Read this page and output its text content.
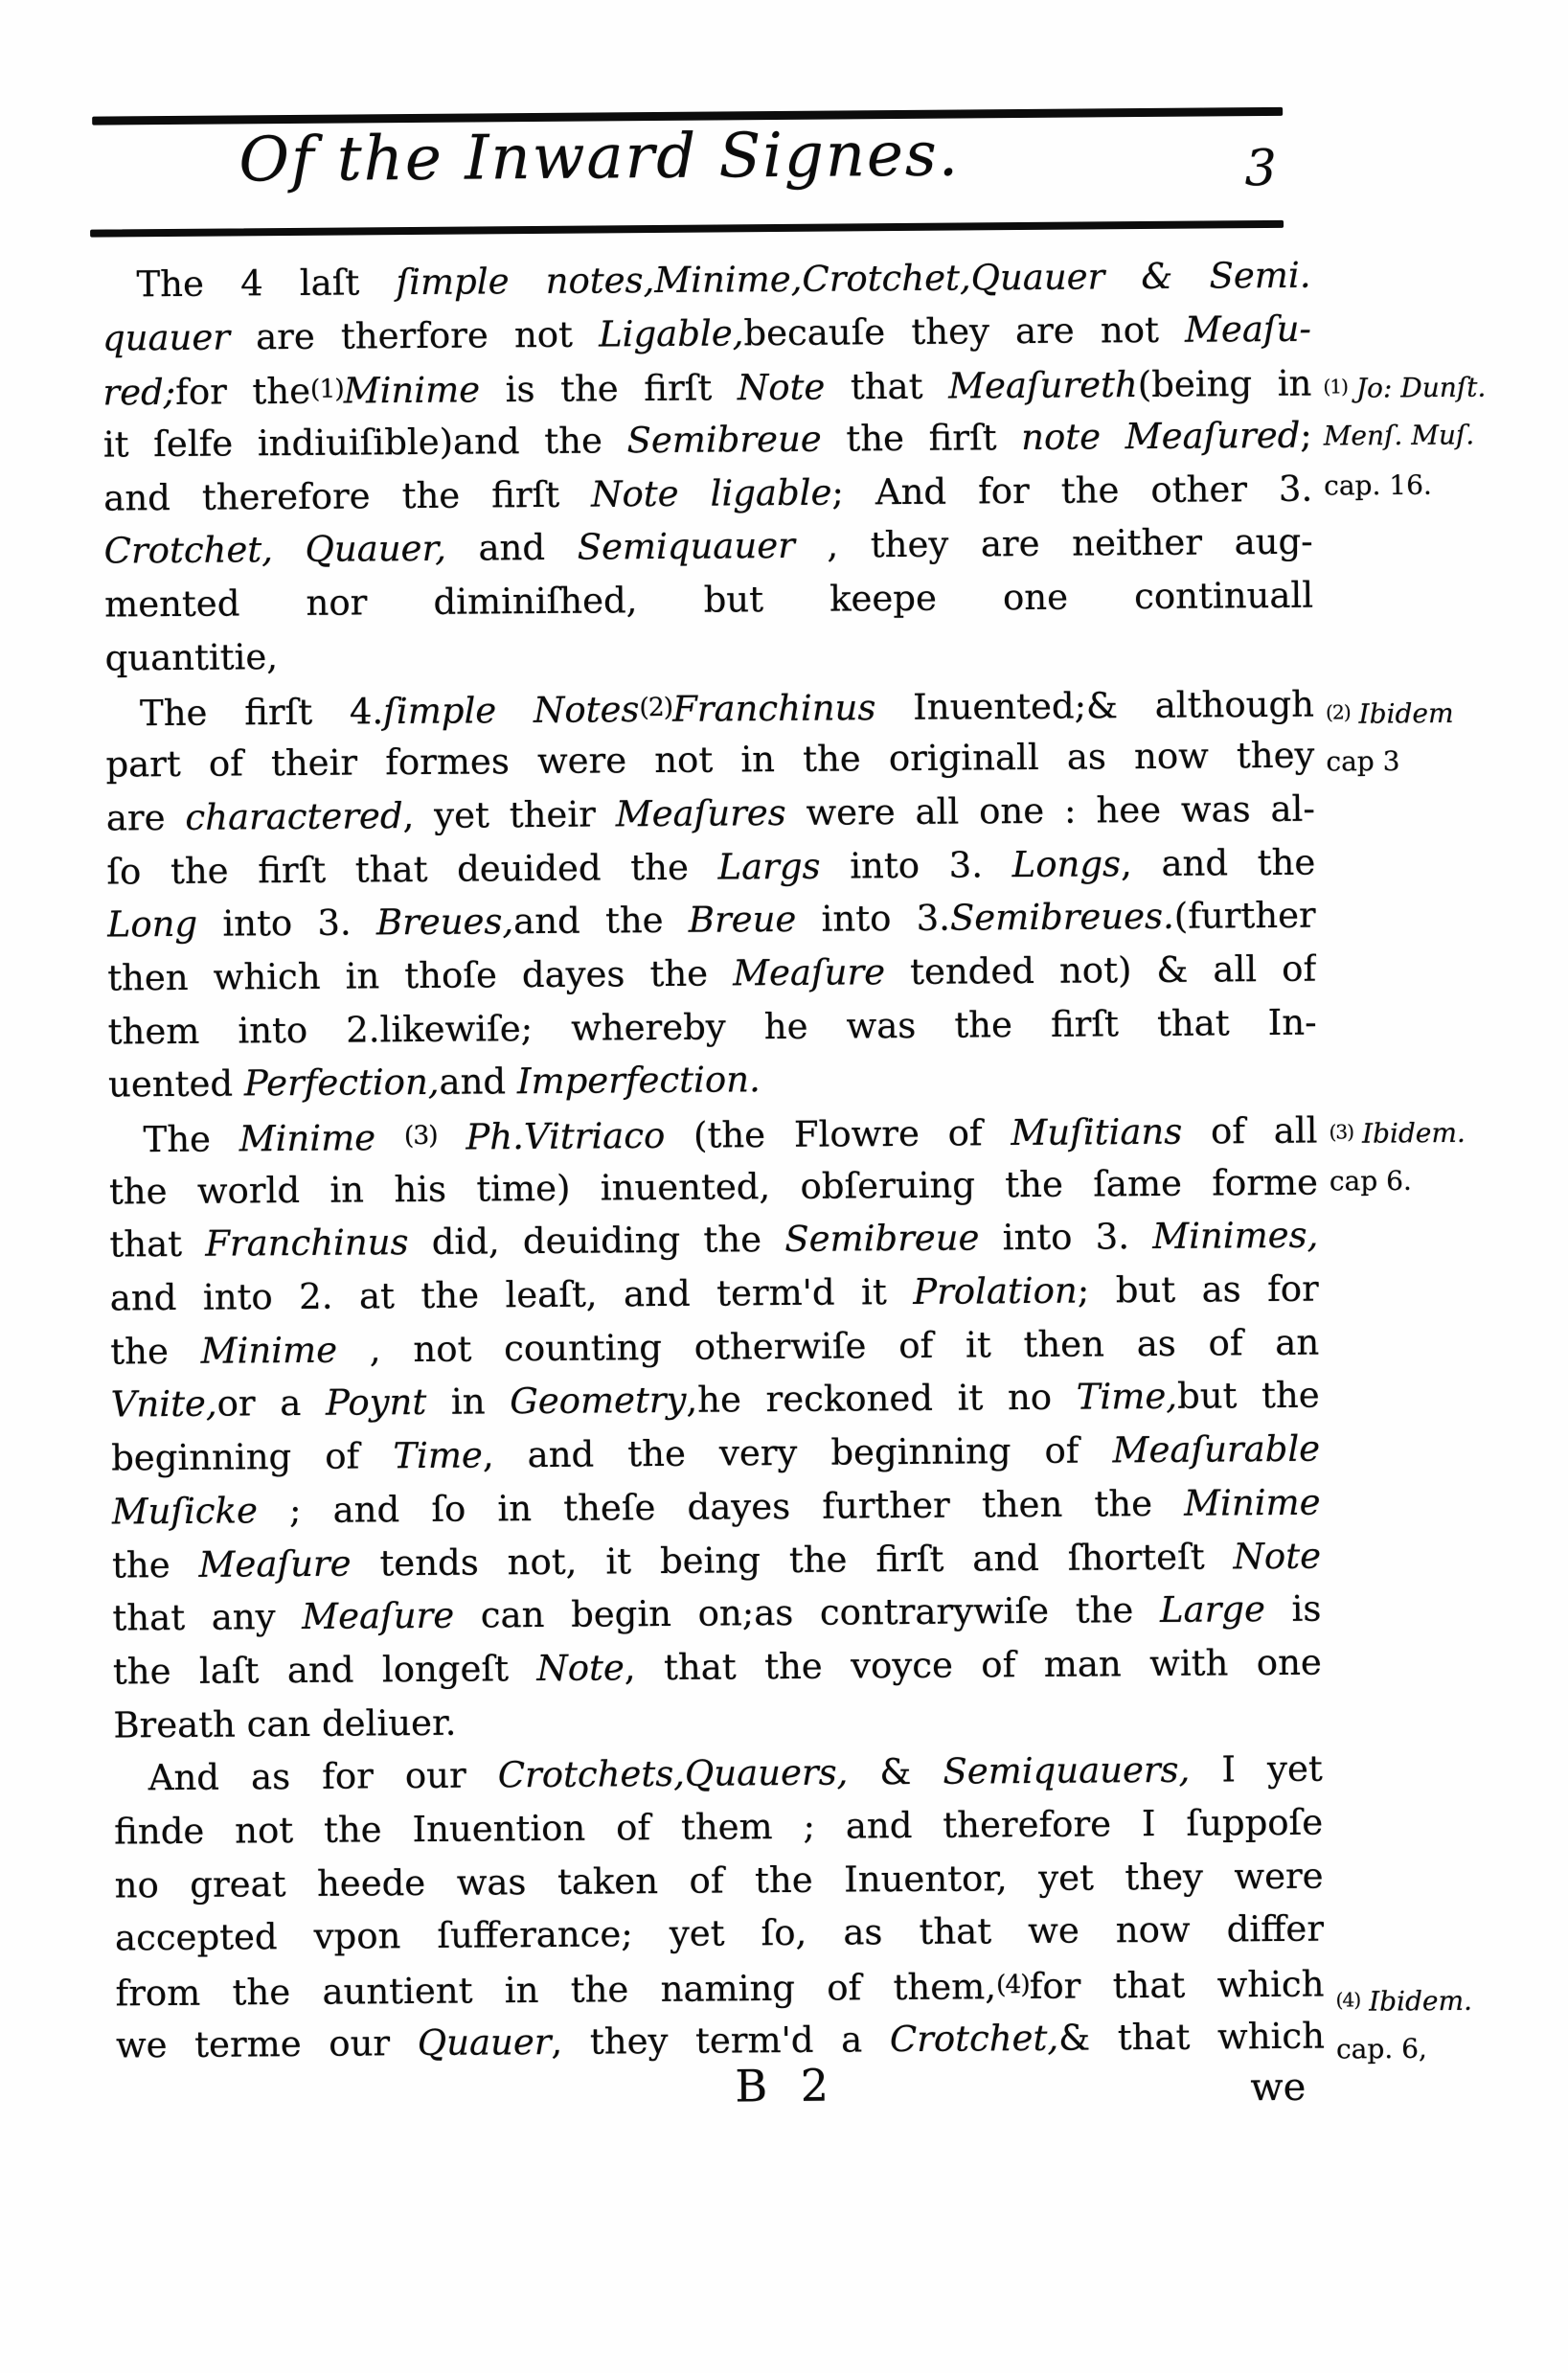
Of the Inward Signes.	3
The 4 laſt ſimple notes,Minime,Crotchet,Quauer & Semi.
quauer are therfore not Ligable,becauſe they are not Meaſu-
red;for the(1)Minime is the firſt Note that Meaſureth(being in
it ſelfe indiuiſible)and the Semibreue the firſt note Meaſured;
and therefore the firſt Note ligable; And for the other 3.
Crotchet, Quauer, and Semiquauer , they are neither aug-
mented nor diminiſhed, but keepe one continuall
quantitie,
The firſt 4.ſimple Notes(2)Franchinus Inuented;& although
part of their formes were not in the originall as now they
are charactered, yet their Meaſures were all one : hee was al-
ſo the firſt that deuided the Largs into 3. Longs, and the
Long into 3. Breues,and the Breue into 3.Semibreues.(further
then which in thoſe dayes the Meaſure tended not) & all of
them into 2.likewiſe; whereby he was the firſt that In-
uented Perfection,and Imperfection.
The Minime (3) Ph.Vitriaco (the Flowre of Muſitians of all
the world in his time) inuented, obſeruing the ſame forme
that Franchinus did, deuiding the Semibreue into 3. Minimes,
and into 2. at the leaſt, and term'd it Prolation; but as for
the Minime , not counting otherwiſe of it then as of an
Vnite,or a Poynt in Geometry,he reckoned it no Time,but the
beginning of Time, and the very beginning of Meaſurable
Muſicke ; and ſo in theſe dayes further then the Minime
the Meaſure tends not, it being the firſt and ſhorteſt Note
that any Meaſure can begin on;as contrarywiſe the Large is
the laſt and longeſt Note, that the voyce of man with one
Breath can deliuer.
And as for our Crotchets,Quauers, & Semiquauers, I yet
finde not the Inuention of them ; and therefore I ſuppoſe
no great heede was taken of the Inuentor, yet they were
accepted vpon ſufferance; yet ſo, as that we now differ
from the auntient in the naming of them,(4)for that which
we terme our Quauer, they term'd a Crotchet,& that which
(1) Jo: Dunſt.
Menſ. Muſ.
cap. 16.
(2) Ibidem
cap 3
(3) Ibidem.
cap 6.
(4) Ibidem.
cap. 6,
B 2	we
